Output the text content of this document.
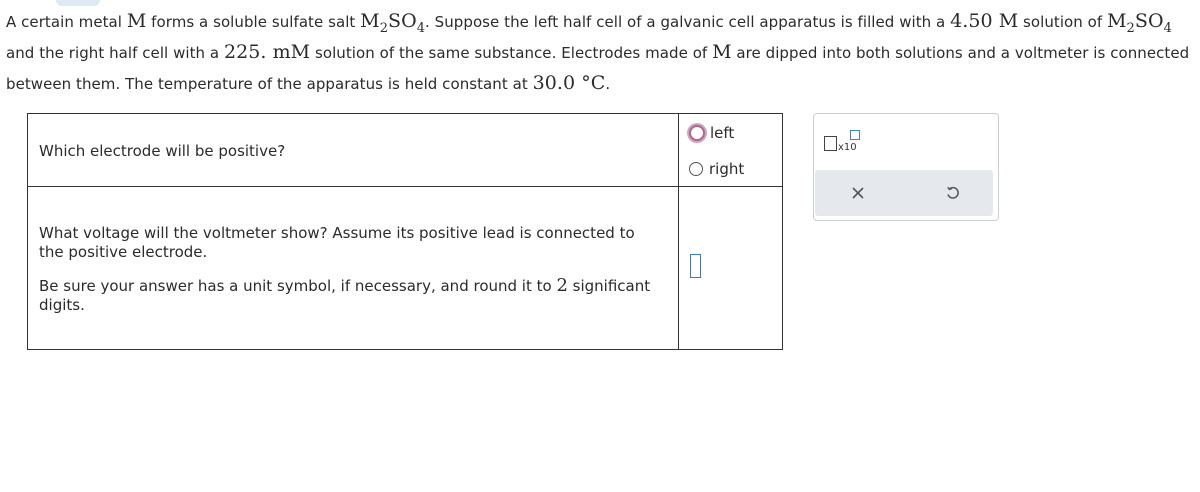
A certain metal M forms a soluble sulfate salt $M_2SO_4$. Suppose the left half cell of a galvanic cell apparatus is filled with a 4.50 M solution of $M_2SO_4$ and the right half cell with a 225. mM solution of the same substance. Electrodes made of M are dipped into both solutions and a voltmeter is connected between them. The temperature of the apparatus is held constant at 30.0 °C.
Which electrode will be positive?
left
right

What voltage will the voltmeter show? Assume its positive lead is connected to the positive electrode.

Be sure your answer has a unit symbol, if necessary, and round it to 2 significant digits.

x10
